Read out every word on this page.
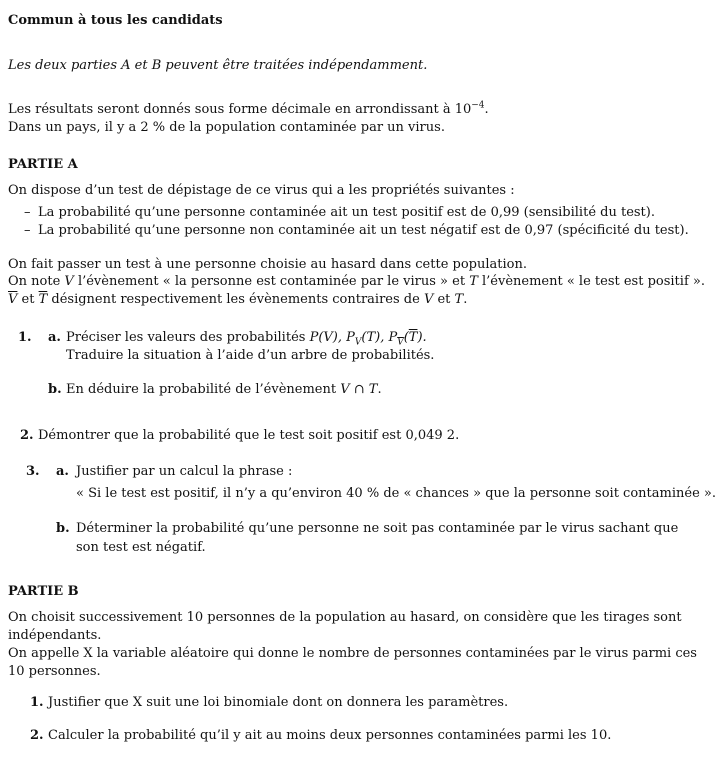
Commun à tous les candidats
Les deux parties A et B peuvent être traitées indépendamment.
Les résultats seront donnés sous forme décimale en arrondissant à $10^{-4}$.
Dans un pays, il y a 2 % de la population contaminée par un virus.
PARTIE A
On dispose d’un test de dépistage de ce virus qui a les propriétés suivantes :
– La probabilité qu’une personne contaminée ait un test positif est de 0,99 (sensibilité du test).
– La probabilité qu’une personne non contaminée ait un test négatif est de 0,97 (spécificité du test).
On fait passer un test à une personne choisie au hasard dans cette population.
On note V l’évènement « la personne est contaminée par le virus » et T l’évènement « le test est positif ».
$\overline{V}$ et $\overline{T}$ désignent respectivement les évènements contraires de V et T.
1. a. Préciser les valeurs des probabilités P(V), $P_V(T)$, $P_{\overline{V}}(\overline{T})$.
Traduire la situation à l’aide d’un arbre de probabilités.
b. En déduire la probabilité de l’évènement V ∩ T.
2. Démontrer que la probabilité que le test soit positif est 0,049 2.
3. a. Justifier par un calcul la phrase :
« Si le test est positif, il n’y a qu’environ 40 % de « chances » que la personne soit contaminée ».
b. Déterminer la probabilité qu’une personne ne soit pas contaminée par le virus sachant que
son test est négatif.
PARTIE B
On choisit successivement 10 personnes de la population au hasard, on considère que les tirages sont
indépendants.
On appelle X la variable aléatoire qui donne le nombre de personnes contaminées par le virus parmi ces
10 personnes.
1. Justifier que X suit une loi binomiale dont on donnera les paramètres.
2. Calculer la probabilité qu’il y ait au moins deux personnes contaminées parmi les 10.
